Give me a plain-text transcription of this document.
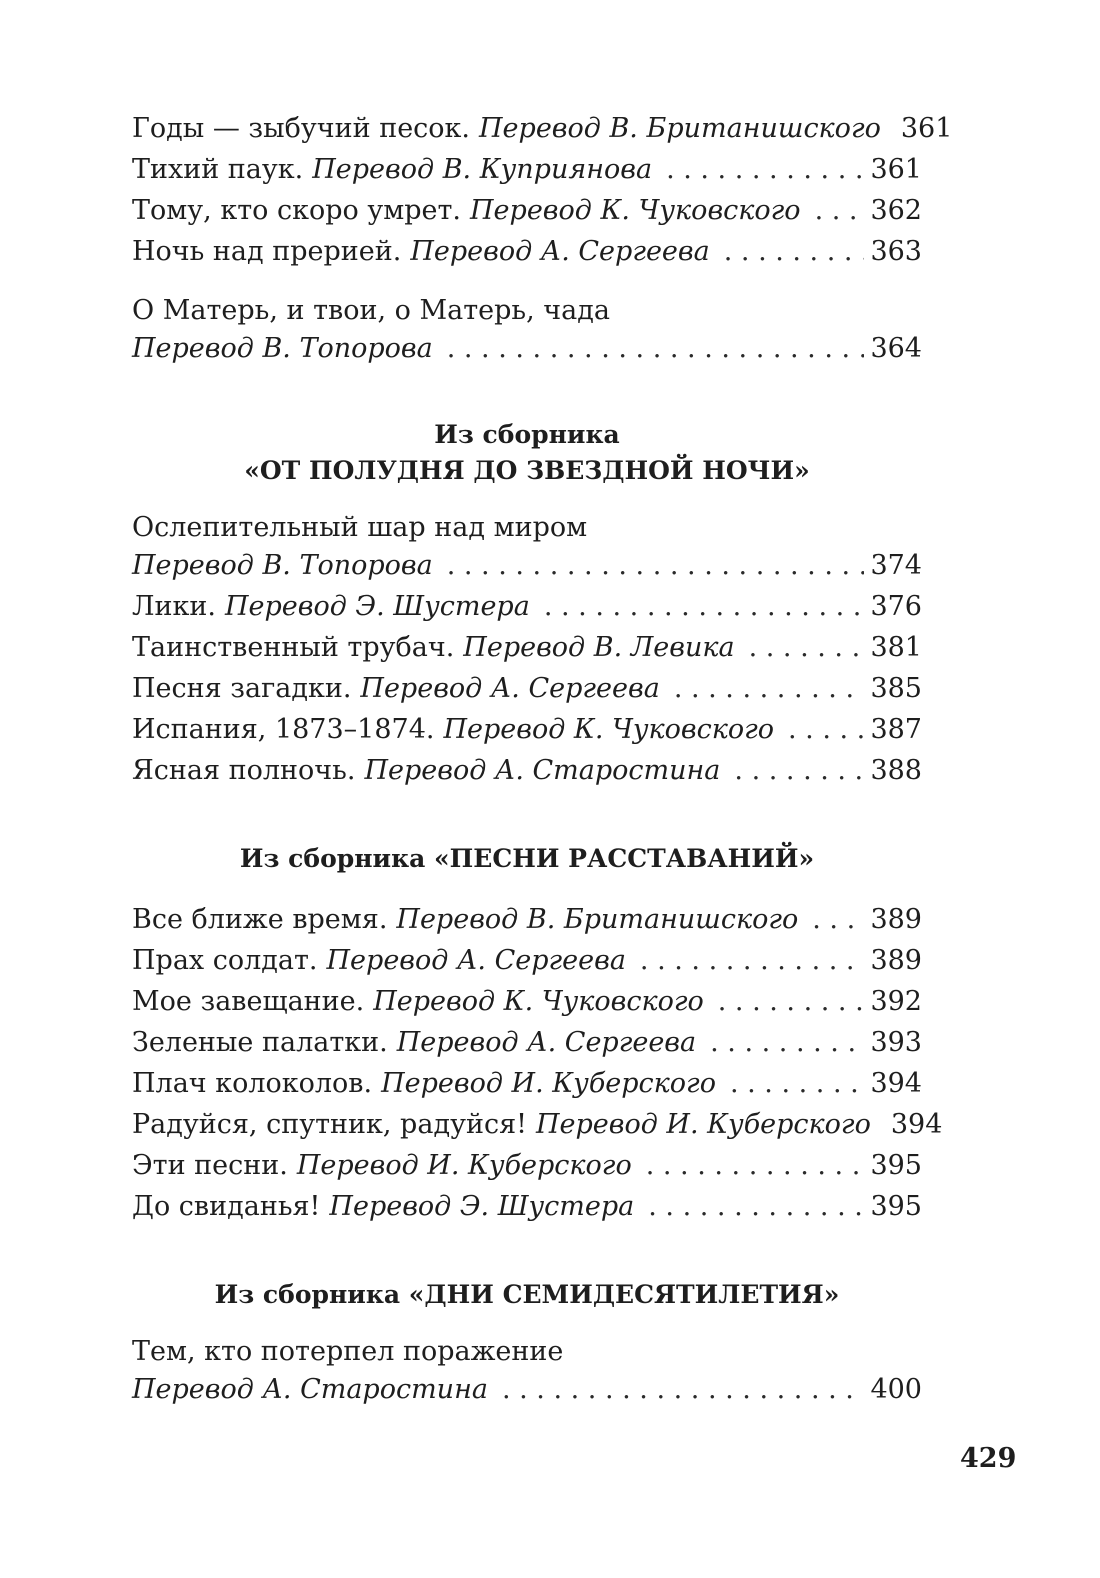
Годы — зыбучий песок. Перевод В. Британишского 361
Тихий паук. Перевод В. Куприянова . . .	361
Тому, кто скоро умрет. Перевод К. Чуковского . . .	362
Ночь над прерией. Перевод А. Сергеева . . .	363
О Матерь, и твои, о Матерь, чада
Перевод В. Топорова . . .	364
Из сборника
«ОТ ПОЛУДНЯ ДО ЗВЕЗДНОЙ НОЧИ»
Ослепительный шар над миром
Перевод В. Топорова . . .	374
Лики. Перевод Э. Шустера . . .	376
Таинственный трубач. Перевод В. Левика . . .	381
Песня загадки. Перевод А. Сергеева . . .	385
Испания, 1873–1874. Перевод К. Чуковского . . .	387
Ясная полночь. Перевод А. Старостина . . .	388
Из сборника «ПЕСНИ РАССТАВАНИЙ»
Все ближе время. Перевод В. Британишского . . .	389
Прах солдат. Перевод А. Сергеева . . .	389
Мое завещание. Перевод К. Чуковского . . .	392
Зеленые палатки. Перевод А. Сергеева . . .	393
Плач колоколов. Перевод И. Куберского . . .	394
Радуйся, спутник, радуйся! Перевод И. Куберского 394
Эти песни. Перевод И. Куберского . . .	395
До свиданья! Перевод Э. Шустера . . .	395
Из сборника «ДНИ СЕМИДЕСЯТИЛЕТИЯ»
Тем, кто потерпел поражение
Перевод А. Старостина . . .	400
429
